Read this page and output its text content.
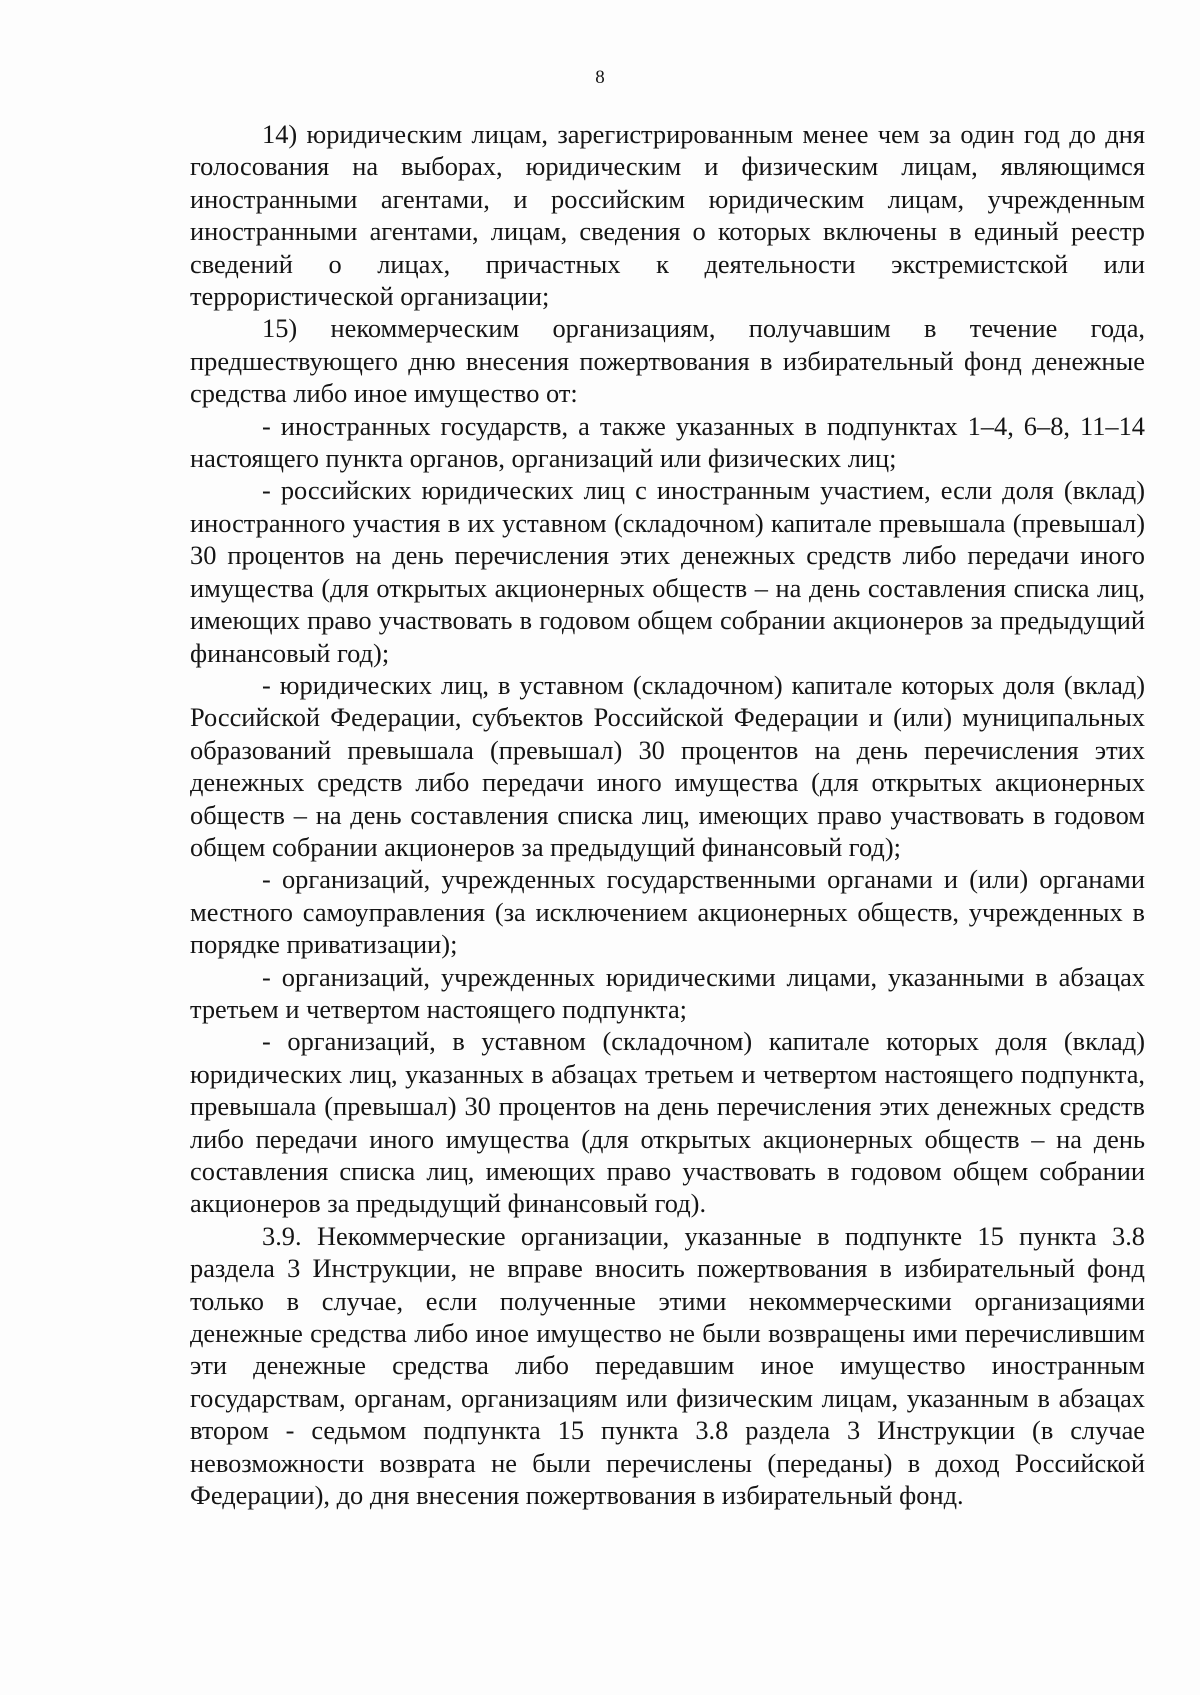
8

14) юридическим лицам, зарегистрированным менее чем за один год до дня голосования на выборах, юридическим и физическим лицам, являющимся иностранными агентами, и российским юридическим лицам, учрежденным иностранными агентами, лицам, сведения о которых включены в единый реестр сведений о лицах, причастных к деятельности экстремистской или террористической организации;

15) некоммерческим организациям, получавшим в течение года, предшествующего дню внесения пожертвования в избирательный фонд денежные средства либо иное имущество от:

- иностранных государств, а также указанных в подпунктах 1–4, 6–8, 11–14 настоящего пункта органов, организаций или физических лиц;

- российских юридических лиц с иностранным участием, если доля (вклад) иностранного участия в их уставном (складочном) капитале превышала (превышал) 30 процентов на день перечисления этих денежных средств либо передачи иного имущества (для открытых акционерных обществ – на день составления списка лиц, имеющих право участвовать в годовом общем собрании акционеров за предыдущий финансовый год);

- юридических лиц, в уставном (складочном) капитале которых доля (вклад) Российской Федерации, субъектов Российской Федерации и (или) муниципальных образований превышала (превышал) 30 процентов на день перечисления этих денежных средств либо передачи иного имущества (для открытых акционерных обществ – на день составления списка лиц, имеющих право участвовать в годовом общем собрании акционеров за предыдущий финансовый год);

- организаций, учрежденных государственными органами и (или) органами местного самоуправления (за исключением акционерных обществ, учрежденных в порядке приватизации);

- организаций, учрежденных юридическими лицами, указанными в абзацах третьем и четвертом настоящего подпункта;

- организаций, в уставном (складочном) капитале которых доля (вклад) юридических лиц, указанных в абзацах третьем и четвертом настоящего подпункта, превышала (превышал) 30 процентов на день перечисления этих денежных средств либо передачи иного имущества (для открытых акционерных обществ – на день составления списка лиц, имеющих право участвовать в годовом общем собрании акционеров за предыдущий финансовый год).

3.9. Некоммерческие организации, указанные в подпункте 15 пункта 3.8 раздела 3 Инструкции, не вправе вносить пожертвования в избирательный фонд только в случае, если полученные этими некоммерческими организациями денежные средства либо иное имущество не были возвращены ими перечислившим эти денежные средства либо передавшим иное имущество иностранным государствам, органам, организациям или физическим лицам, указанным в абзацах втором - седьмом подпункта 15 пункта 3.8 раздела 3 Инструкции (в случае невозможности возврата не были перечислены (переданы) в доход Российской Федерации), до дня внесения пожертвования в избирательный фонд.
